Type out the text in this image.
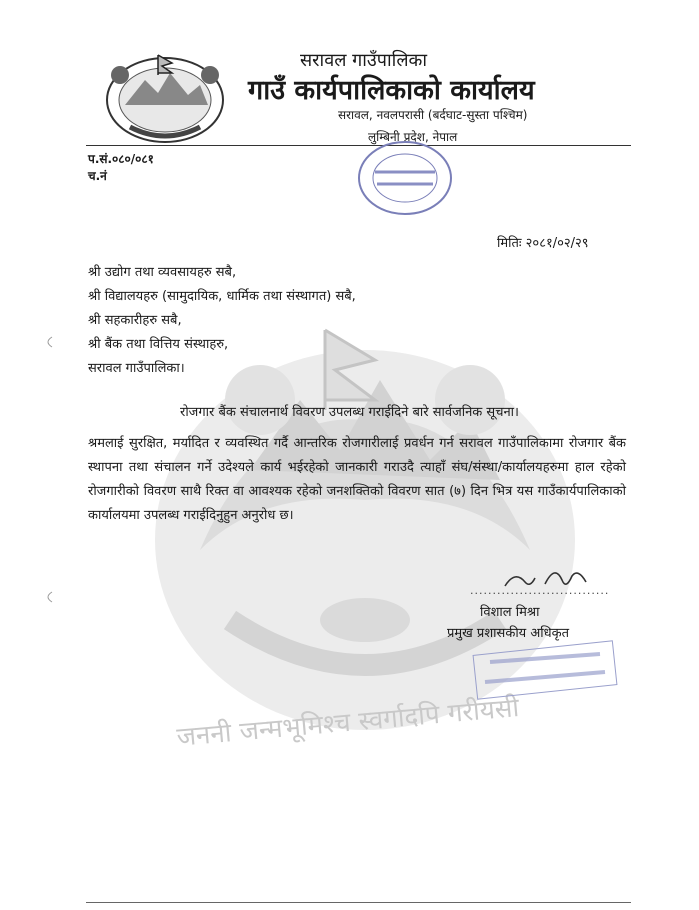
जननी जन्मभूमिश्च स्वर्गादपि गरीयसी
सरावल गाउँपालिका
गाउँ कार्यपालिकाको कार्यालय
सरावल, नवलपरासी (बर्दघाट-सुस्ता पश्चिम)
लुम्बिनी प्रदेश, नेपाल
प.सं.०८०/०८१
च.नं
मितिः २०८१/०२/२९
श्री उद्योग तथा व्यवसायहरु सबै,
श्री विद्यालयहरु (सामुदायिक, धार्मिक तथा संस्थागत) सबै,
श्री सहकारीहरु सबै,
श्री बैंक तथा वित्तिय संस्थाहरु,
सरावल गाउँपालिका।
रोजगार बैंक संचालनार्थ विवरण उपलब्ध गराईदिने बारे सार्वजनिक सूचना।
श्रमलाई सुरक्षित, मर्यादित र व्यवस्थित गर्दै आन्तरिक रोजगारीलाई प्रवर्धन गर्न सरावल गाउँपालिकामा रोजगार बैंक स्थापना तथा संचालन गर्ने उदेश्यले कार्य भईरहेको जानकारी गराउदै त्याहाँ संघ/संस्था/कार्यालयहरुमा हाल रहेको रोजगारीको विवरण साथै रिक्त वा आवश्यक रहेको जनशक्तिको विवरण सात (७) दिन भित्र यस गाउँकार्यपालिकाको कार्यालयमा उपलब्ध गराईदिनुहुन अनुरोध छ।
...............................
विशाल मिश्रा
प्रमुख प्रशासकीय अधिकृत
